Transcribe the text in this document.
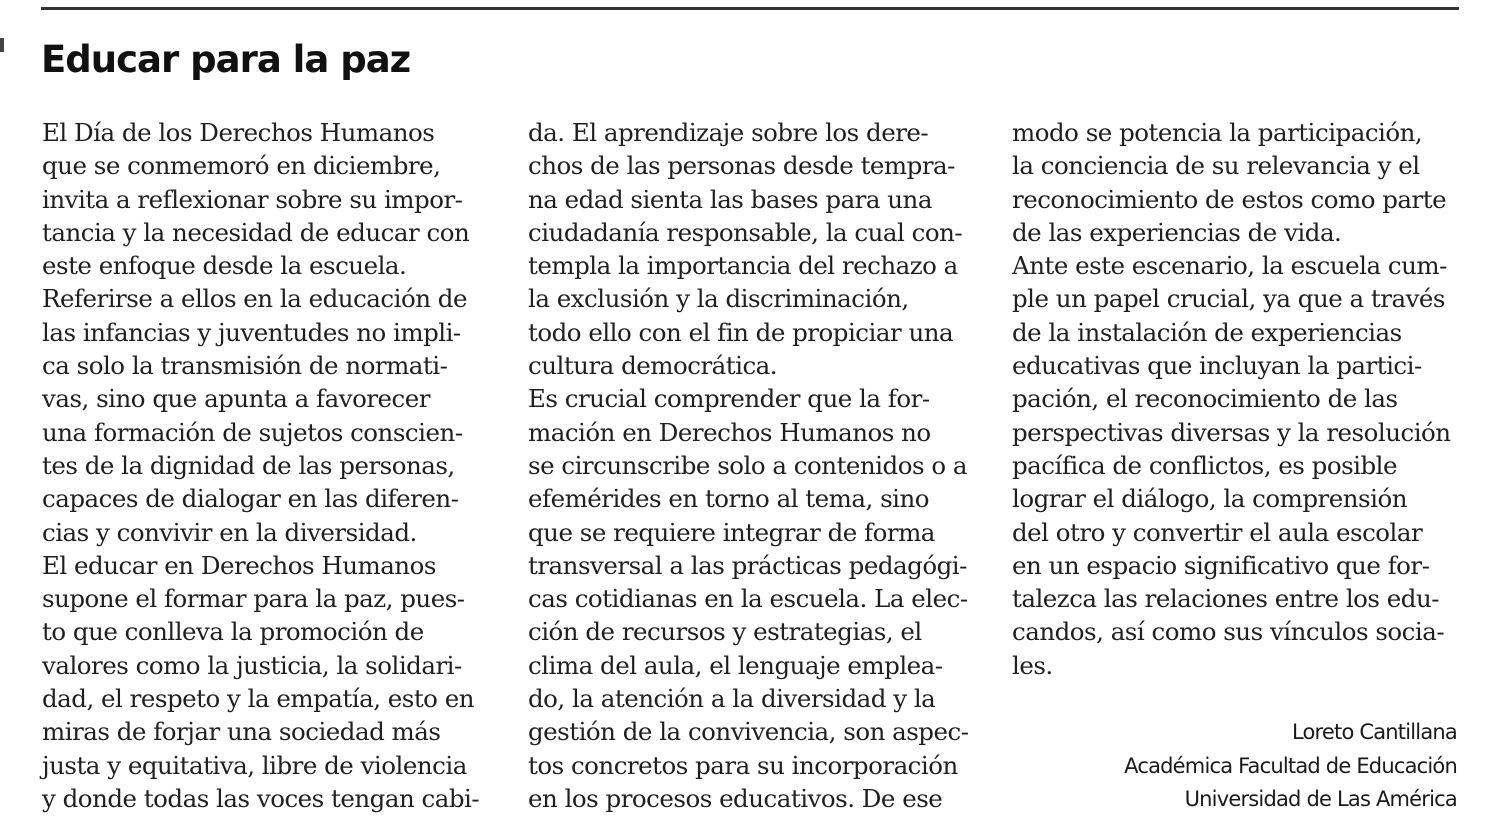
Educar para la paz
El Día de los Derechos Humanos
que se conmemoró en diciembre,
invita a reflexionar sobre su impor-
tancia y la necesidad de educar con
este enfoque desde la escuela.
Referirse a ellos en la educación de
las infancias y juventudes no impli-
ca solo la transmisión de normati-
vas, sino que apunta a favorecer
una formación de sujetos conscien-
tes de la dignidad de las personas,
capaces de dialogar en las diferen-
cias y convivir en la diversidad.
El educar en Derechos Humanos
supone el formar para la paz, pues-
to que conlleva la promoción de
valores como la justicia, la solidari-
dad, el respeto y la empatía, esto en
miras de forjar una sociedad más
justa y equitativa, libre de violencia
y donde todas las voces tengan cabi-
da. El aprendizaje sobre los dere-
chos de las personas desde tempra-
na edad sienta las bases para una
ciudadanía responsable, la cual con-
templa la importancia del rechazo a
la exclusión y la discriminación,
todo ello con el fin de propiciar una
cultura democrática.
Es crucial comprender que la for-
mación en Derechos Humanos no
se circunscribe solo a contenidos o a
efemérides en torno al tema, sino
que se requiere integrar de forma
transversal a las prácticas pedagógi-
cas cotidianas en la escuela. La elec-
ción de recursos y estrategias, el
clima del aula, el lenguaje emplea-
do, la atención a la diversidad y la
gestión de la convivencia, son aspec-
tos concretos para su incorporación
en los procesos educativos. De ese
modo se potencia la participación,
la conciencia de su relevancia y el
reconocimiento de estos como parte
de las experiencias de vida.
Ante este escenario, la escuela cum-
ple un papel crucial, ya que a través
de la instalación de experiencias
educativas que incluyan la partici-
pación, el reconocimiento de las
perspectivas diversas y la resolución
pacífica de conflictos, es posible
lograr el diálogo, la comprensión
del otro y convertir el aula escolar
en un espacio significativo que for-
talezca las relaciones entre los edu-
candos, así como sus vínculos socia-
les.
Loreto Cantillana
Académica Facultad de Educación
Universidad de Las América
